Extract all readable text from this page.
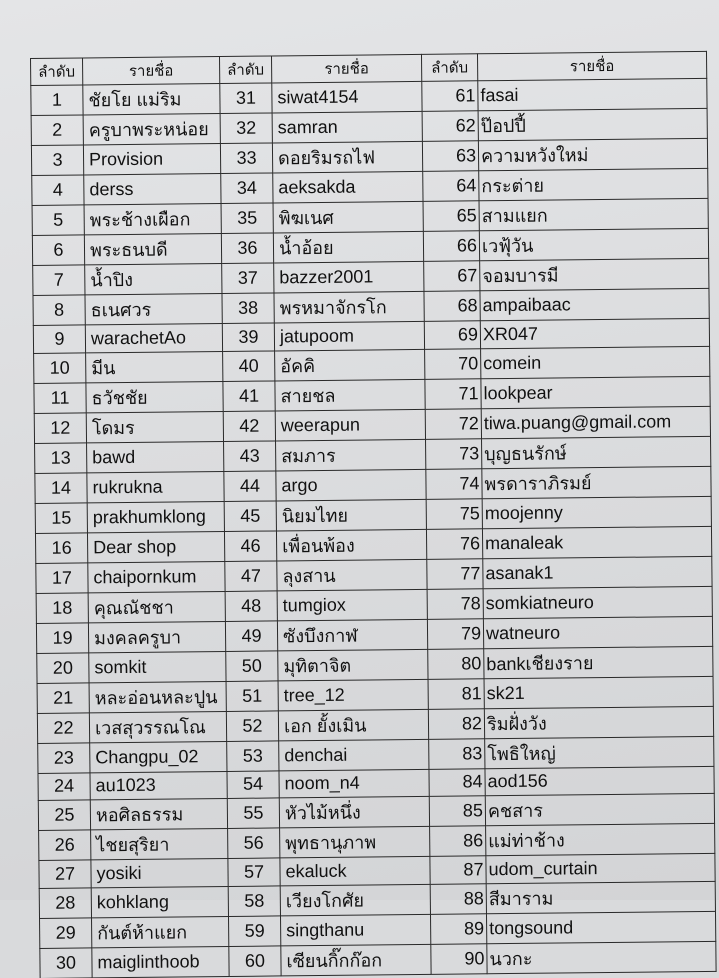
ลำดับ	รายชื่อ	ลำดับ	รายชื่อ	ลำดับ	รายชื่อ
1	ชัยโย แม่ริม	31	siwat4154	61	fasai
2	ครูบาพระหน่อย	32	samran	62	ป๊อปปี้
3	Provision	33	ดอยริมรถไฟ	63	ความหวังใหม่
4	derss	34	aeksakda	64	กระต่าย
5	พระช้างเผือก	35	พิฆเนศ	65	สามแยก
6	พระธนบดี	36	น้ำอ้อย	66	เวฟุ้วัน
7	น้ำปิง	37	bazzer2001	67	จอมบารมี
8	ธเนศวร	38	พรหมาจักรโก	68	ampaibaac
9	warachetAo	39	jatupoom	69	XR047
10	มีน	40	อัคคิ	70	comein
11	ธวัชชัย	41	สายชล	71	lookpear
12	โดมร	42	weerapun	72	tiwa.puang@gmail.com
13	bawd	43	สมภาร	73	บุญธนรักษ์
14	rukrukna	44	argo	74	พรดาราภิรมย์
15	prakhumklong	45	นิยมไทย	75	moojenny
16	Dear shop	46	เพื่อนพ้อง	76	manaleak
17	chaipornkum	47	ลุงสาน	77	asanak1
18	คุณณัชชา	48	tumgiox	78	somkiatneuro
19	มงคลครูบา	49	ซังบึงกาฬ	79	watneuro
20	somkit	50	มุทิตาจิต	80	bankเชียงราย
21	หละอ่อนหละปูน	51	tree_12	81	sk21
22	เวสสุวรรณโณ	52	เอก ยั้งเมิน	82	ริมฝั่งวัง
23	Changpu_02	53	denchai	83	โพธิใหญ่
24	au1023	54	noom_n4	84	aod156
25	หอศิลธรรม	55	หัวไม้หนึ่ง	85	คชสาร
26	ไชยสุริยา	56	พุทธานุภาพ	86	แม่ท่าช้าง
27	yosiki	57	ekaluck	87	udom_curtain
28	kohklang	58	เวียงโกศัย	88	สีมาราม
29	กันต์ห้าแยก	59	singthanu	89	tongsound
30	maiglinthoob	60	เซียนกิ๊กก๊อก	90	นวกะ
